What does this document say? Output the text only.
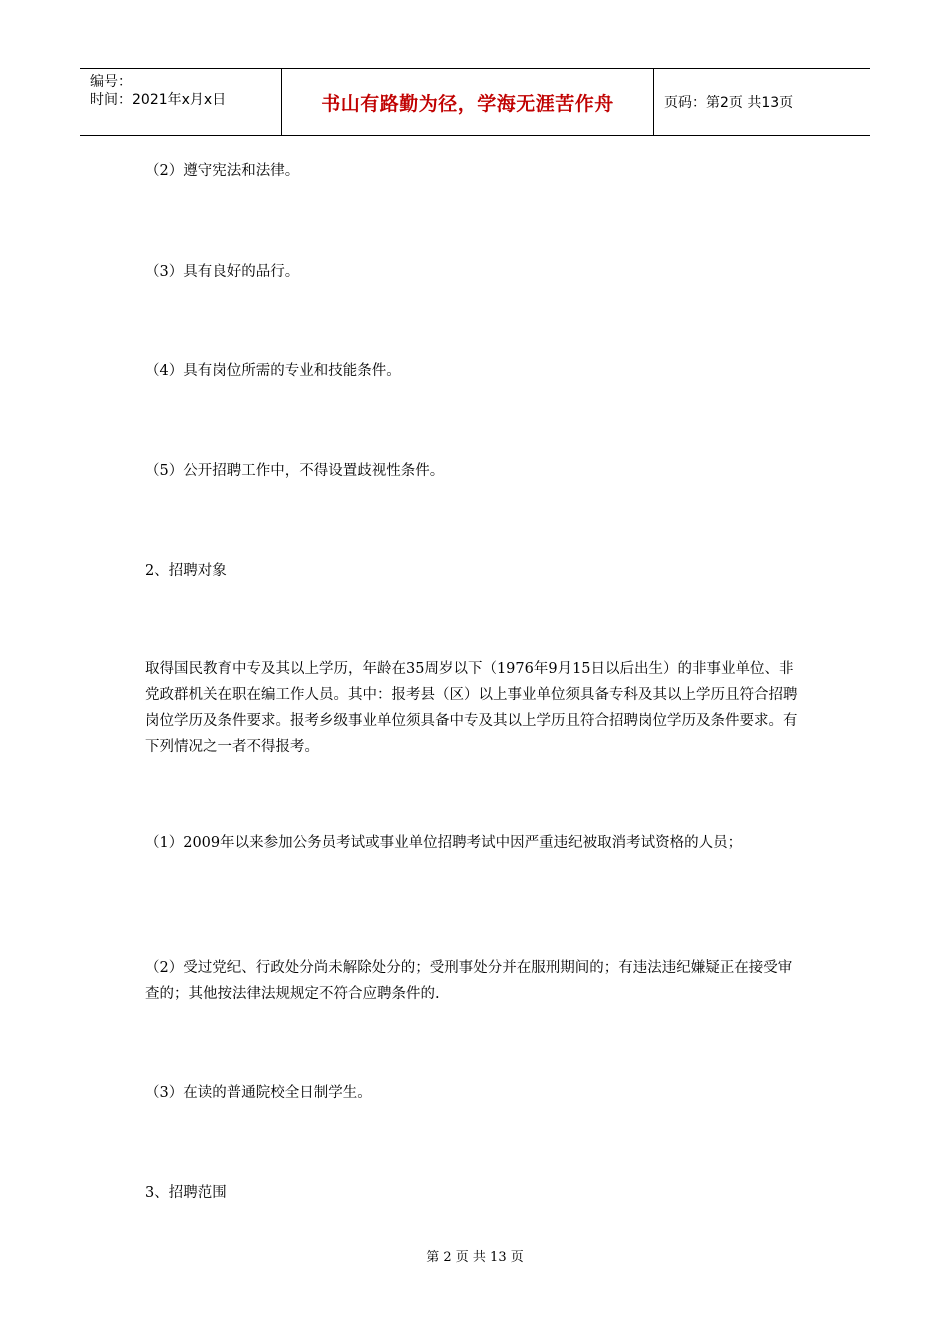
编号：
时间：2021年x月x日	书山有路勤为径，学海无涯苦作舟	页码：第2页 共13页

（2）遵守宪法和法律。

（3）具有良好的品行。

（4）具有岗位所需的专业和技能条件。

（5）公开招聘工作中，不得设置歧视性条件。

2、招聘对象

取得国民教育中专及其以上学历，年龄在35周岁以下（1976年9月15日以后出生）的非事业单位、非党政群机关在职在编工作人员。其中：报考县（区）以上事业单位须具备专科及其以上学历且符合招聘岗位学历及条件要求。报考乡级事业单位须具备中专及其以上学历且符合招聘岗位学历及条件要求。有下列情况之一者不得报考。

（1）2009年以来参加公务员考试或事业单位招聘考试中因严重违纪被取消考试资格的人员；

（2）受过党纪、行政处分尚未解除处分的；受刑事处分并在服刑期间的；有违法违纪嫌疑正在接受审查的；其他按法律法规规定不符合应聘条件的.

（3）在读的普通院校全日制学生。

3、招聘范围

第 2 页 共 13 页
